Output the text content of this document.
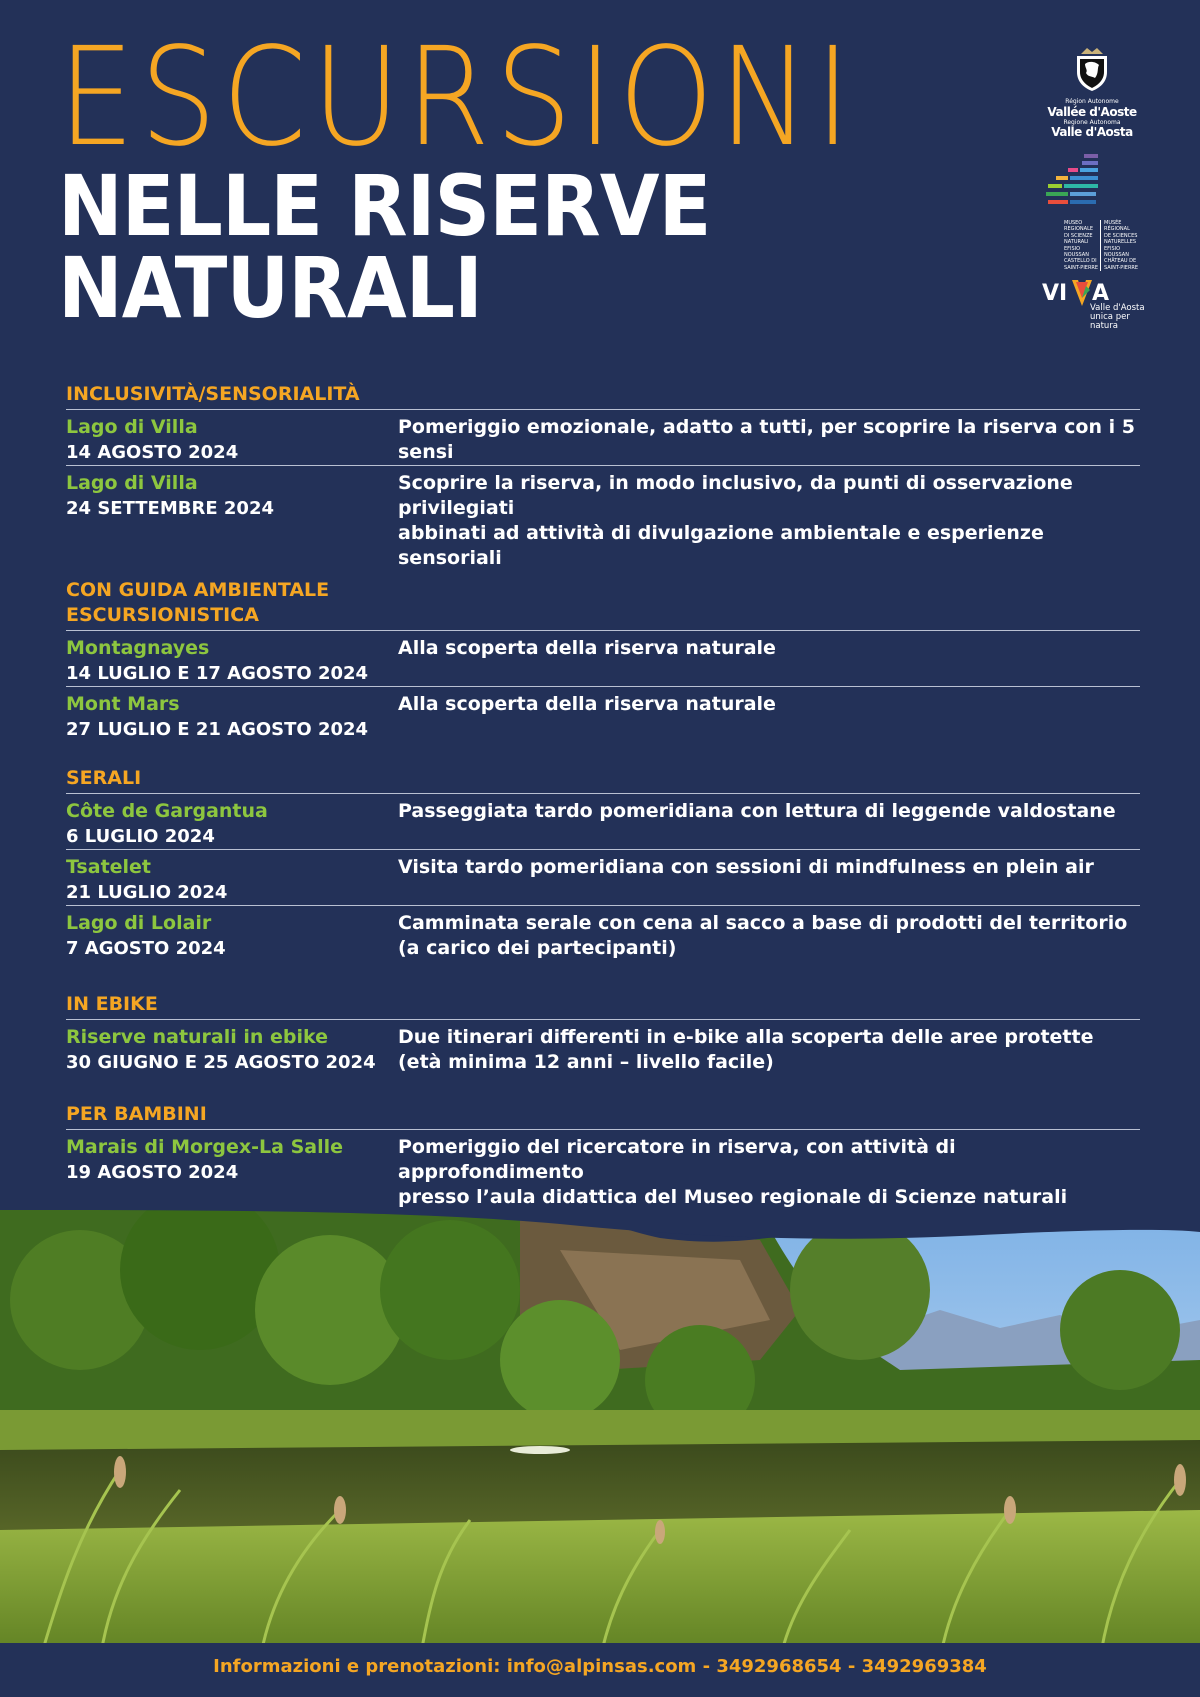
ESCURSIONI
NELLE RISERVE
NATURALI
Région Autonome
Vallée d'Aoste
Regione Autonoma
Valle d'Aosta
MUSEO
REGIONALE
DI SCIENZE
NATURALI
EFISIO
NOUSSAN
CASTELLO DI
SAINT-PIERRE
MUSÉE
RÉGIONAL
DE SCIENCES
NATURELLES
EFISIO
NOUSSAN
CHÂTEAU DE
SAINT-PIERRE
VI A
Valle d'Aosta
unica per natura
INCLUSIVITÀ/SENSORIALITÀ
Lago di Villa
14 AGOSTO 2024
Pomeriggio emozionale, adatto a tutti, per scoprire la riserva con i 5 sensi
Lago di Villa
24 SETTEMBRE 2024
Scoprire la riserva, in modo inclusivo, da punti di osservazione privilegiati
abbinati ad attività di divulgazione ambientale e esperienze sensoriali
CON GUIDA AMBIENTALE
ESCURSIONISTICA
Montagnayes
14 LUGLIO E 17 AGOSTO 2024
Alla scoperta della riserva naturale
Mont Mars
27 LUGLIO E 21 AGOSTO 2024
Alla scoperta della riserva naturale
SERALI
Côte de Gargantua
6 LUGLIO 2024
Passeggiata tardo pomeridiana con lettura di leggende valdostane
Tsatelet
21 LUGLIO 2024
Visita tardo pomeridiana con sessioni di mindfulness en plein air
Lago di Lolair
7 AGOSTO 2024
Camminata serale con cena al sacco a base di prodotti del territorio
(a carico dei partecipanti)
IN EBIKE
Riserve naturali in ebike
30 GIUGNO E 25 AGOSTO 2024
Due itinerari differenti in e-bike alla scoperta delle aree protette
(età minima 12 anni – livello facile)
PER BAMBINI
Marais di Morgex-La Salle
19 AGOSTO 2024
Pomeriggio del ricercatore in riserva, con attività di approfondimento
presso l’aula didattica del Museo regionale di Scienze naturali
Informazioni e prenotazioni: info@alpinsas.com - 3492968654 - 3492969384
